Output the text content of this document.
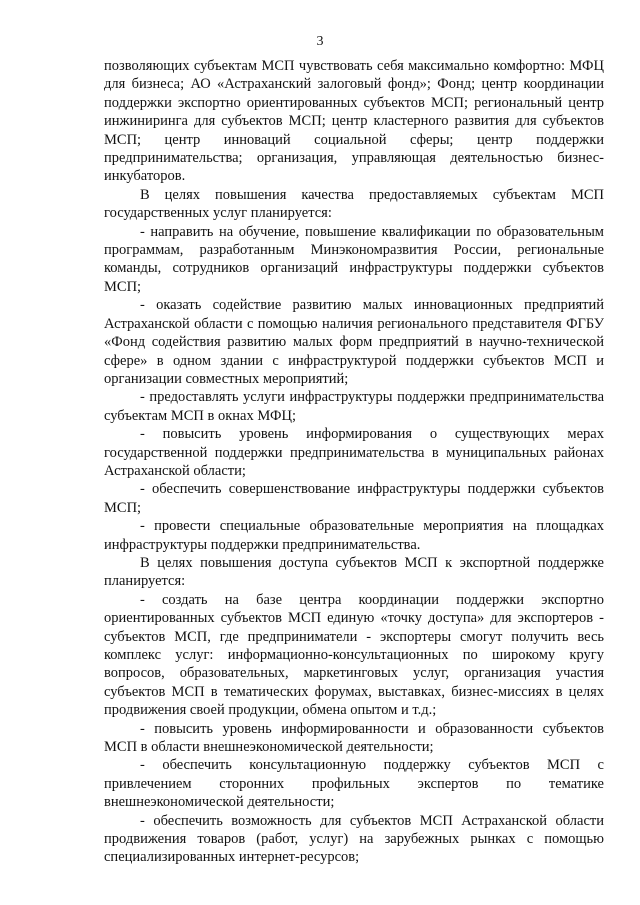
3

позволяющих субъектам МСП чувствовать себя максимально комфортно: МФЦ для бизнеса; АО «Астраханский залоговый фонд»; Фонд; центр координации поддержки экспортно ориентированных субъектов МСП; региональный центр инжиниринга для субъектов МСП; центр кластерного развития для субъектов МСП; центр инноваций социальной сферы; центр поддержки предпринимательства; организация, управляющая деятельностью бизнес-инкубаторов.

В целях повышения качества предоставляемых субъектам МСП государственных услуг планируется:

- направить на обучение, повышение квалификации по образовательным программам, разработанным Минэкономразвития России, региональные команды, сотрудников организаций инфраструктуры поддержки субъектов МСП;

- оказать содействие развитию малых инновационных предприятий Астраханской области с помощью наличия регионального представителя ФГБУ «Фонд содействия развитию малых форм предприятий в научно-технической сфере» в одном здании с инфраструктурой поддержки субъектов МСП и организации совместных мероприятий;

- предоставлять услуги инфраструктуры поддержки предпринимательства субъектам МСП в окнах МФЦ;

- повысить уровень информирования о существующих мерах государственной поддержки предпринимательства в муниципальных районах Астраханской области;

- обеспечить совершенствование инфраструктуры поддержки субъектов МСП;

- провести специальные образовательные мероприятия на площадках инфраструктуры поддержки предпринимательства.

В целях повышения доступа субъектов МСП к экспортной поддержке планируется:

- создать на базе центра координации поддержки экспортно ориентированных субъектов МСП единую «точку доступа» для экспортеров - субъектов МСП, где предприниматели - экспортеры смогут получить весь комплекс услуг: информационно-консультационных по широкому кругу вопросов, образовательных, маркетинговых услуг, организация участия субъектов МСП в тематических форумах, выставках, бизнес-миссиях в целях продвижения своей продукции, обмена опытом и т.д.;

- повысить уровень информированности и образованности субъектов МСП в области внешнеэкономической деятельности;

- обеспечить консультационную поддержку субъектов МСП с привлечением сторонних профильных экспертов по тематике внешнеэкономической деятельности;

- обеспечить возможность для субъектов МСП Астраханской области продвижения товаров (работ, услуг) на зарубежных рынках с помощью специализированных интернет-ресурсов;
